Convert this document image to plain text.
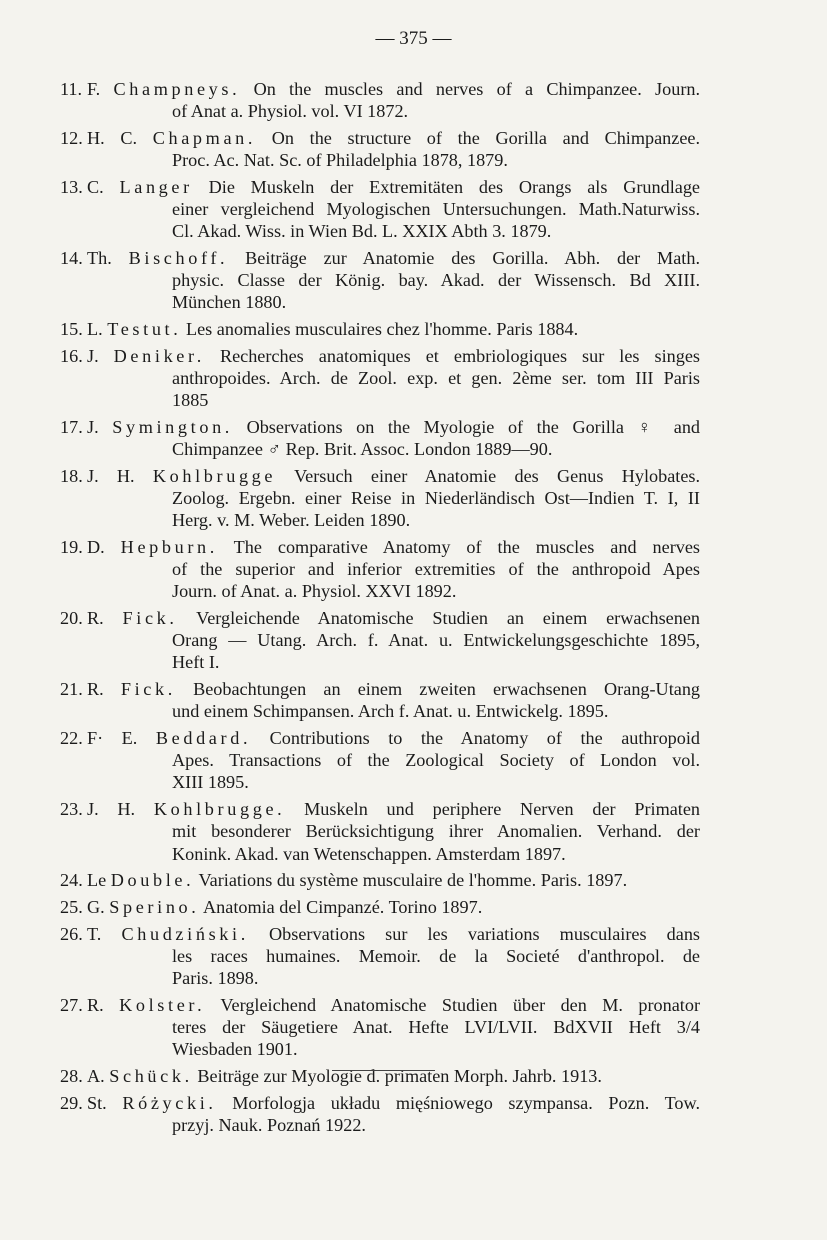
— 375 —
11. F. Champneys. On the muscles and nerves of a Chimpanzee. Journ.
of Anat a. Physiol. vol. VI 1872.
12. H. C. Chapman. On the structure of the Gorilla and Chimpanzee.
Proc. Ac. Nat. Sc. of Philadelphia 1878, 1879.
13. C. Langer Die Muskeln der Extremitäten des Orangs als Grundlage
einer vergleichend Myologischen Untersuchungen. Math.Naturwiss.
Cl. Akad. Wiss. in Wien Bd. L. XXIX Abth 3. 1879.
14. Th. Bischoff. Beiträge zur Anatomie des Gorilla. Abh. der Math.
physic. Classe der König. bay. Akad. der Wissensch. Bd XIII.
München 1880.
15. L. Testut. Les anomalies musculaires chez l'homme. Paris 1884.
16. J. Deniker. Recherches anatomiques et embriologiques sur les singes
anthropoides. Arch. de Zool. exp. et gen. 2ème ser. tom III Paris
1885
17. J. Symington. Observations on the Myologie of the Gorilla ♀ and
Chimpanzee ♂ Rep. Brit. Assoc. London 1889—90.
18. J. H. Kohlbrugge Versuch einer Anatomie des Genus Hylobates.
Zoolog. Ergebn. einer Reise in Niederländisch Ost—Indien T. I, II
Herg. v. M. Weber. Leiden 1890.
19. D. Hepburn. The comparative Anatomy of the muscles and nerves
of the superior and inferior extremities of the anthropoid Apes
Journ. of Anat. a. Physiol. XXVI 1892.
20. R. Fick. Vergleichende Anatomische Studien an einem erwachsenen
Orang — Utang. Arch. f. Anat. u. Entwickelungsgeschichte 1895,
Heft I.
21. R. Fick. Beobachtungen an einem zweiten erwachsenen Orang-Utang
und einem Schimpansen. Arch f. Anat. u. Entwickelg. 1895.
22. F· E. Beddard. Contributions to the Anatomy of the authropoid
Apes. Transactions of the Zoological Society of London vol.
XIII 1895.
23. J. H. Kohlbrugge. Muskeln und periphere Nerven der Primaten
mit besonderer Berücksichtigung ihrer Anomalien. Verhand. der
Konink. Akad. van Wetenschappen. Amsterdam 1897.
24. Le Double. Variations du système musculaire de l'homme. Paris. 1897.
25. G. Sperino. Anatomia del Cimpanzé. Torino 1897.
26. T. Chudziński. Observations sur les variations musculaires dans
les races humaines. Memoir. de la Societé d'anthropol. de
Paris. 1898.
27. R. Kolster. Vergleichend Anatomische Studien über den M. pronator
teres der Säugetiere Anat. Hefte LVI/LVII. BdXVII Heft 3/4
Wiesbaden 1901.
28. A. Schück. Beiträge zur Myologie d. primaten Morph. Jahrb. 1913.
29. St. Różycki. Morfologja układu mięśniowego szympansa. Pozn. Tow.
przyj. Nauk. Poznań 1922.
